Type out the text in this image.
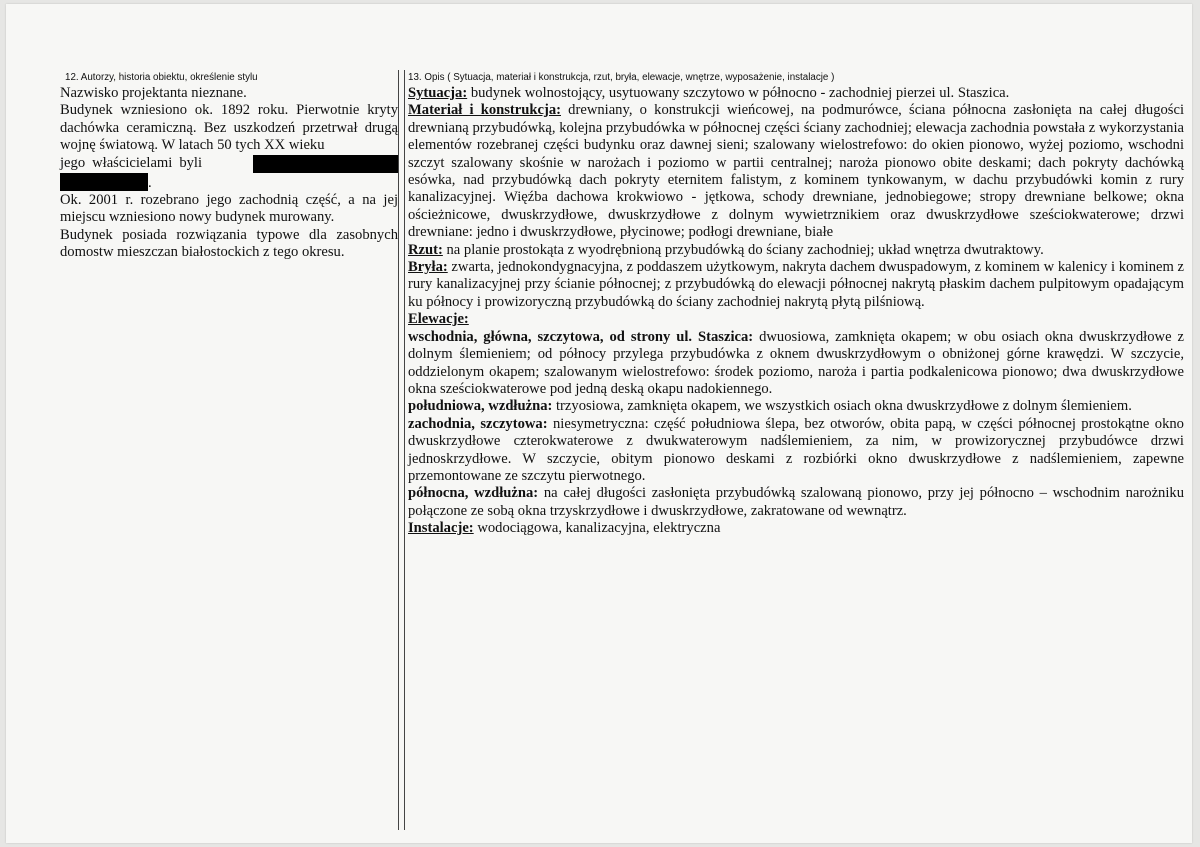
12. Autorzy, historia obiektu, określenie stylu

Nazwisko projektanta nieznane.

Budynek wzniesiono ok. 1892 roku. Pierwotnie kryty dachówka ceramiczną. Bez uszkodzeń przetrwał drugą wojnę światową. W latach 50 tych XX wieku

jego właścicielami byli
.

Ok. 2001 r. rozebrano jego zachodnią część, a na jej miejscu wzniesiono nowy budynek murowany.

Budynek posiada rozwiązania typowe dla zasobnych domostw mieszczan białostockich z tego okresu.

13. Opis ( Sytuacja, materiał i konstrukcja, rzut, bryła, elewacje, wnętrze, wyposażenie, instalacje )

Sytuacja: budynek wolnostojący, usytuowany szczytowo w północno - zachodniej pierzei ul. Staszica.

Materiał i konstrukcja: drewniany, o konstrukcji wieńcowej, na podmurówce, ściana północna zasłonięta na całej długości drewnianą przybudówką, kolejna przybudówka w północnej części ściany zachodniej; elewacja zachodnia powstała z wykorzystania elementów rozebranej części budynku oraz dawnej sieni; szalowany wielostrefowo: do okien pionowo, wyżej poziomo, wschodni szczyt szalowany skośnie w narożach i poziomo w partii centralnej; naroża pionowo obite deskami; dach pokryty dachówką esówka, nad przybudówką dach pokryty eternitem falistym, z kominem tynkowanym, w dachu przybudówki komin z rury kanalizacyjnej. Więźba dachowa krokwiowo - jętkowa, schody drewniane, jednobiegowe; stropy drewniane belkowe; okna ościeżnicowe, dwuskrzydłowe, dwuskrzydłowe z dolnym wywietrznikiem oraz dwuskrzydłowe sześciokwaterowe; drzwi drewniane: jedno i dwuskrzydłowe, płycinowe; podłogi drewniane, białe

Rzut: na planie prostokąta z wyodrębnioną przybudówką do ściany zachodniej; układ wnętrza dwutraktowy.

Bryła: zwarta, jednokondygnacyjna, z poddaszem użytkowym, nakryta dachem dwuspadowym, z kominem w kalenicy i kominem z rury kanalizacyjnej przy ścianie północnej; z przybudówką do elewacji północnej nakrytą płaskim dachem pulpitowym opadającym ku północy i prowizoryczną przybudówką do ściany zachodniej nakrytą płytą pilśniową.

Elewacje:

wschodnia, główna, szczytowa, od strony ul. Staszica: dwuosiowa, zamknięta okapem; w obu osiach okna dwuskrzydłowe z dolnym ślemieniem; od północy przylega przybudówka z oknem dwuskrzydłowym o obniżonej górne krawędzi. W szczycie, oddzielonym okapem; szalowanym wielostrefowo: środek poziomo, naroża i partia podkalenicowa pionowo; dwa dwuskrzydłowe okna sześciokwaterowe pod jedną deską okapu nadokiennego.

południowa, wzdłużna: trzyosiowa, zamknięta okapem, we wszystkich osiach okna dwuskrzydłowe z dolnym ślemieniem.

zachodnia, szczytowa: niesymetryczna: część południowa ślepa, bez otworów, obita papą, w części północnej prostokątne okno dwuskrzydłowe czterokwaterowe z dwukwaterowym nadślemieniem, za nim, w prowizorycznej przybudówce drzwi jednoskrzydłowe. W szczycie, obitym pionowo deskami z rozbiórki okno dwuskrzydłowe z nadślemieniem, zapewne przemontowane ze szczytu pierwotnego.

północna, wzdłużna: na całej długości zasłonięta przybudówką szalowaną pionowo, przy jej północno – wschodnim narożniku połączone ze sobą okna trzyskrzydłowe i dwuskrzydłowe, zakratowane od wewnątrz.

Instalacje: wodociągowa, kanalizacyjna, elektryczna
